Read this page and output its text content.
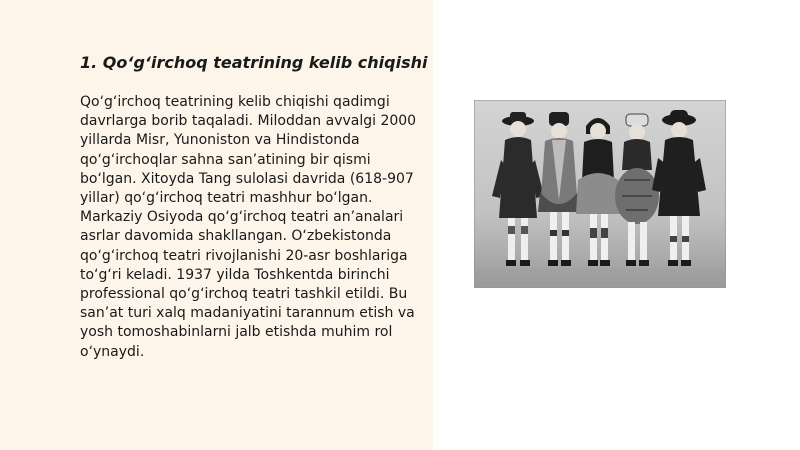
1. Qo‘g‘irchoq teatrining kelib chiqishi

Qo‘g‘irchoq teatrining kelib chiqishi qadimgi davrlarga borib taqaladi. Miloddan avvalgi 2000 yillarda Misr, Yunoniston va Hindistonda qo‘g‘irchoqlar sahna san’atining bir qismi bo‘lgan. Xitoyda Tang sulolasi davrida (618-907 yillar) qo‘g‘irchoq teatri mashhur bo‘lgan. Markaziy Osiyoda qo‘g‘irchoq teatri an’analari asrlar davomida shakllangan. O‘zbekistonda qo‘g‘irchoq teatri rivojlanishi 20-asr boshlariga to‘g‘ri keladi. 1937 yilda Toshkentda birinchi professional qo‘g‘irchoq teatri tashkil etildi. Bu san’at turi xalq madaniyatini tarannum etish va yosh tomoshabinlarni jalb etishda muhim rol o‘ynaydi.
